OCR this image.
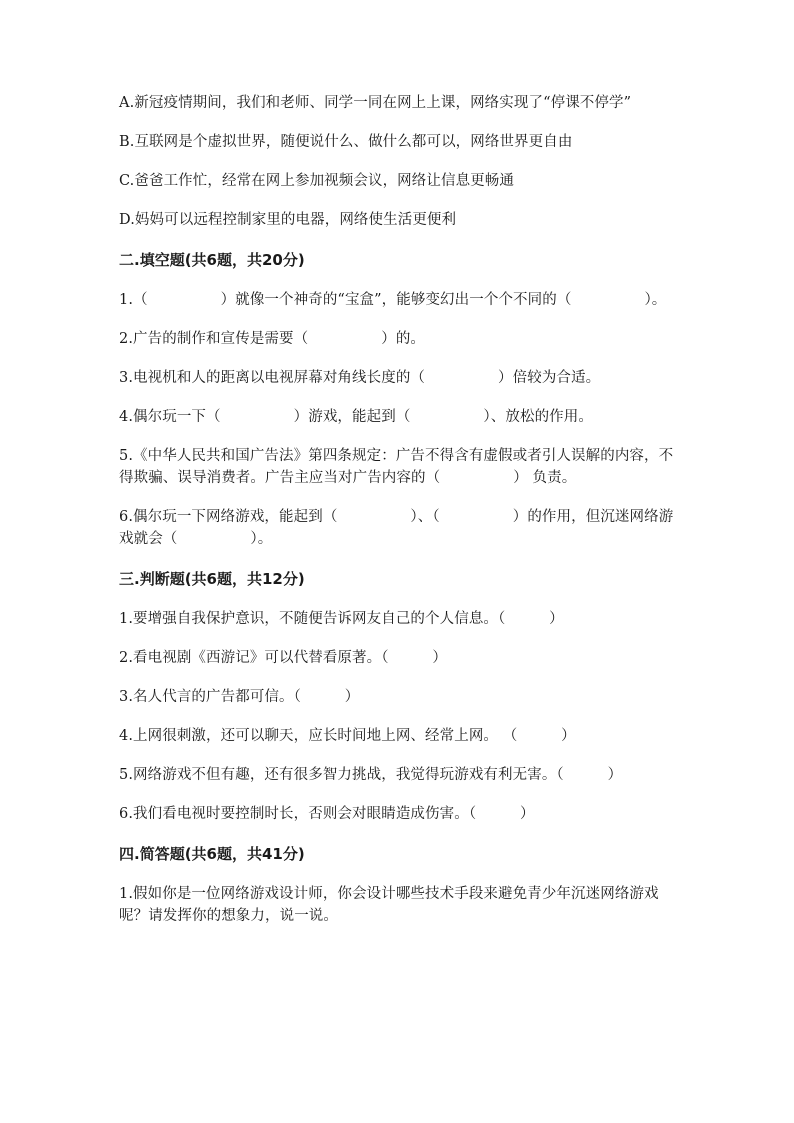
A.新冠疫情期间，我们和老师、同学一同在网上上课，网络实现了“停课不停学”

B.互联网是个虚拟世界，随便说什么、做什么都可以，网络世界更自由

C.爸爸工作忙，经常在网上参加视频会议，网络让信息更畅通

D.妈妈可以远程控制家里的电器，网络使生活更便利

二.填空题(共6题，共20分)

1.（　　　　　）就像一个神奇的“宝盒”，能够变幻出一个个不同的（　　　　　）。

2.广告的制作和宣传是需要（　　　　　）的。

3.电视机和人的距离以电视屏幕对角线长度的（　　　　　）倍较为合适。

4.偶尔玩一下（　　　　　）游戏，能起到（　　　　　）、放松的作用。

5.《中华人民共和国广告法》第四条规定：广告不得含有虚假或者引人误解的内容，不得欺骗、误导消费者。广告主应当对广告内容的（　　　　　） 负责。

6.偶尔玩一下网络游戏，能起到（　　　　　）、（　　　　　）的作用，但沉迷网络游戏就会（　　　　　）。

三.判断题(共6题，共12分)

1.要增强自我保护意识，不随便告诉网友自己的个人信息。（　　　）

2.看电视剧《西游记》可以代替看原著。（　　　）

3.名人代言的广告都可信。（　　　）

4.上网很刺激，还可以聊天，应长时间地上网、经常上网。 （　　　）

5.网络游戏不但有趣，还有很多智力挑战，我觉得玩游戏有利无害。（　　　）

6.我们看电视时要控制时长，否则会对眼睛造成伤害。（　　　）

四.简答题(共6题，共41分)

1.假如你是一位网络游戏设计师，你会设计哪些技术手段来避免青少年沉迷网络游戏呢？请发挥你的想象力，说一说。
